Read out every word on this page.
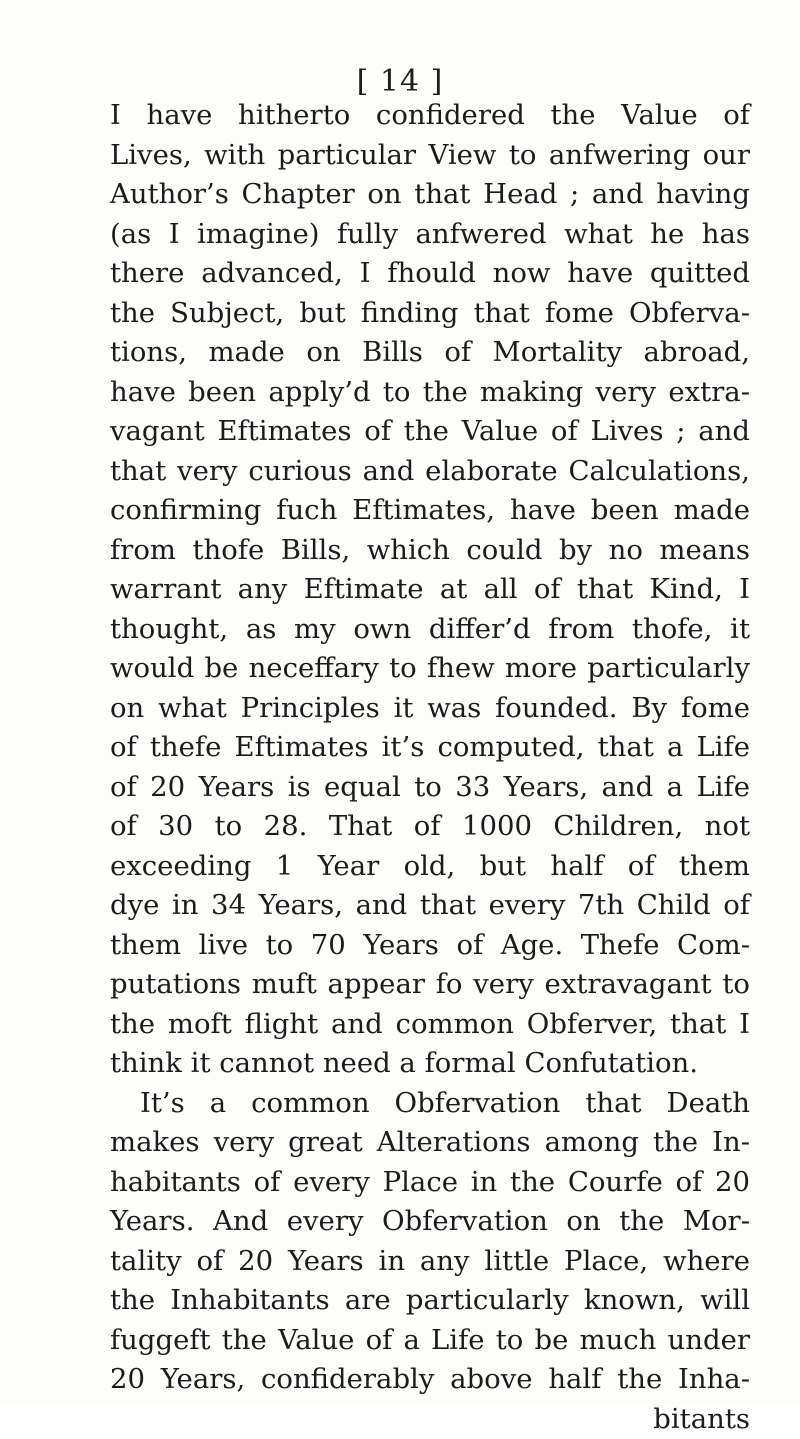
[ 14 ]
I have hitherto confidered the Value of
Lives, with particular View to anfwering our
Author’s Chapter on that Head ; and having
(as I imagine) fully anfwered what he has
there advanced, I fhould now have quitted
the Subject, but finding that fome Obferva-
tions, made on Bills of Mortality abroad,
have been apply’d to the making very extra-
vagant Eftimates of the Value of Lives ; and
that very curious and elaborate Calculations,
confirming fuch Eftimates, have been made
from thofe Bills, which could by no means
warrant any Eftimate at all of that Kind, I
thought, as my own differ’d from thofe, it
would be neceffary to fhew more particularly
on what Principles it was founded. By fome
of thefe Eftimates it’s computed, that a Life
of 20 Years is equal to 33 Years, and a Life
of 30 to 28. That of 1000 Children, not
exceeding 1 Year old, but half of them
dye in 34 Years, and that every 7th Child of
them live to 70 Years of Age. Thefe Com-
putations muft appear fo very extravagant to
the moft flight and common Obferver, that I
think it cannot need a formal Confutation.
It’s a common Obfervation that Death
makes very great Alterations among the In-
habitants of every Place in the Courfe of 20
Years. And every Obfervation on the Mor-
tality of 20 Years in any little Place, where
the Inhabitants are particularly known, will
fuggeft the Value of a Life to be much under
20 Years, confiderably above half the Inha-
bitants
